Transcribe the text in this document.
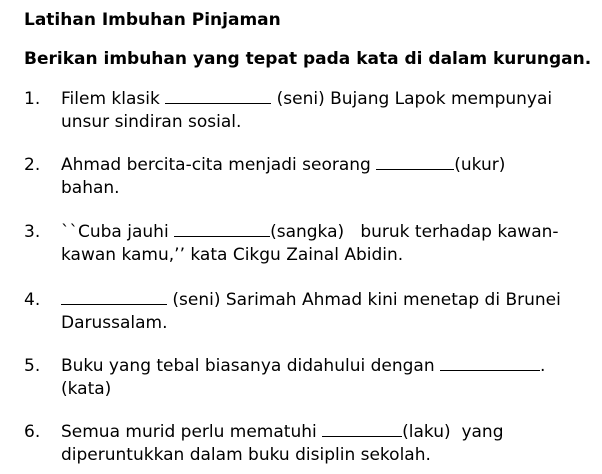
Latihan Imbuhan Pinjaman
Berikan imbuhan yang tepat pada kata di dalam kurungan.
1. Filem klasik	(seni) Bujang Lapok mempunyai
unsur sindiran sosial.
2. Ahmad bercita-cita menjadi seorang	(ukur)
bahan.
3. ``Cuba jauhi	(sangka)   buruk terhadap kawan-
kawan kamu,’’ kata Cikgu Zainal Abidin.
4.	(seni) Sarimah Ahmad kini menetap di Brunei
Darussalam.
5. Buku yang tebal biasanya didahului dengan	.
(kata)
6. Semua murid perlu mematuhi	(laku)  yang
diperuntukkan dalam buku disiplin sekolah.
